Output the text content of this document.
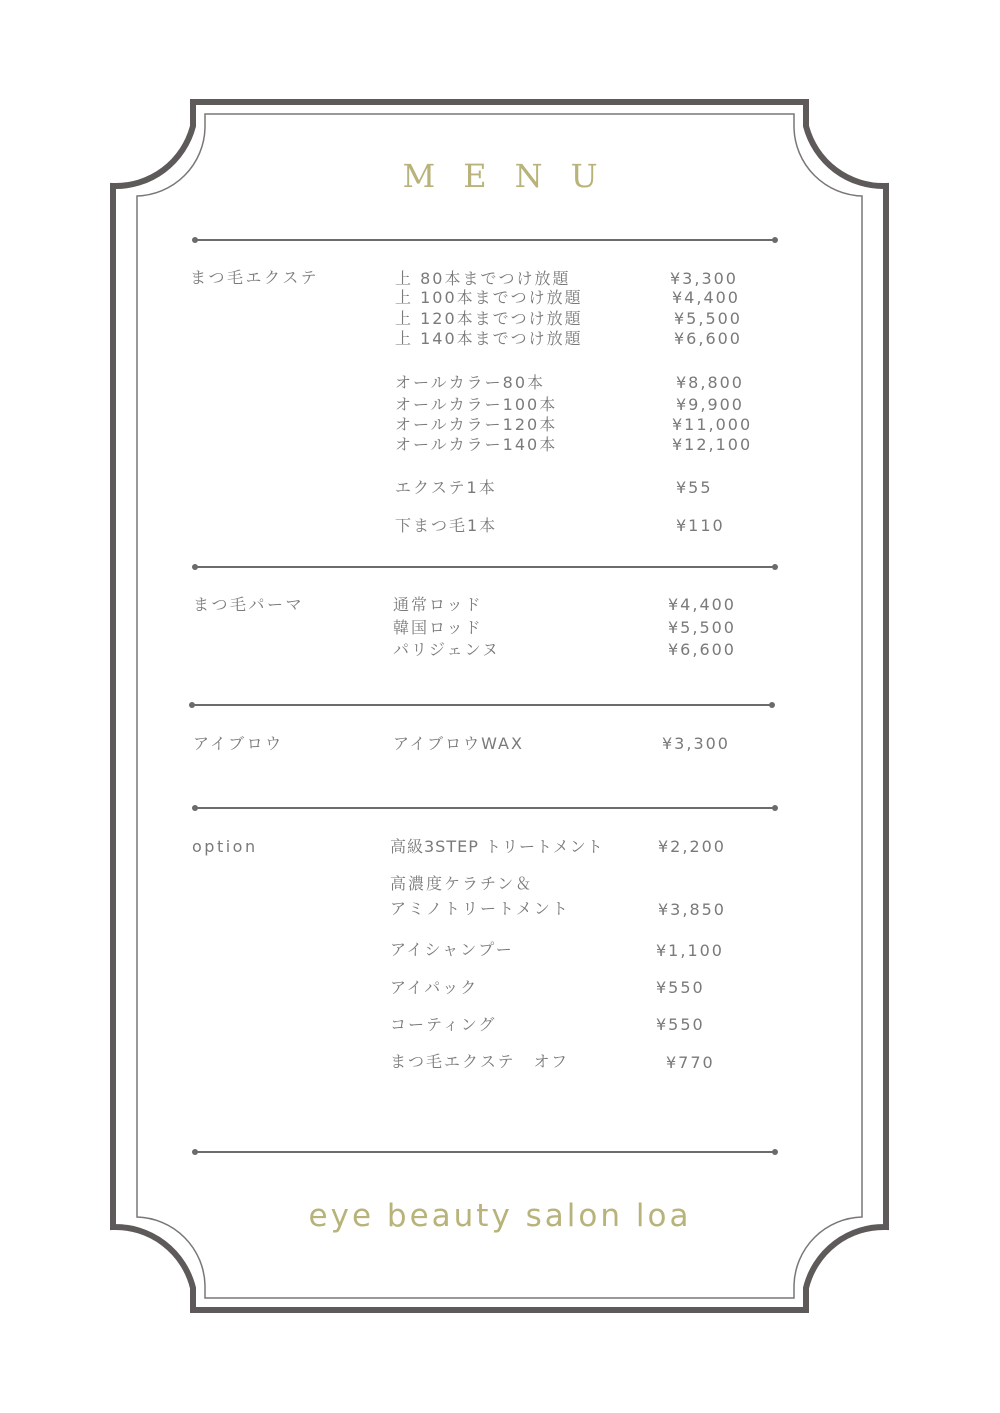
MENU
まつ毛エクステ	上 80本までつけ放題	¥3,300
上 100本までつけ放題	¥4,400
上 120本までつけ放題	¥5,500
上 140本までつけ放題	¥6,600
オールカラー80本	¥8,800
オールカラー100本	¥9,900
オールカラー120本	¥11,000
オールカラー140本	¥12,100
エクステ1本	¥55
下まつ毛1本	¥110
まつ毛パーマ	通常ロッド	¥4,400
韓国ロッド	¥5,500
パリジェンヌ	¥6,600
アイブロウ	アイブロウWAX	¥3,300
option	高級3STEP トリートメント	¥2,200
高濃度ケラチン＆
アミノトリートメント	¥3,850
アイシャンプー	¥1,100
アイパック	¥550
コーティング	¥550
まつ毛エクステ　オフ	¥770
eye beauty salon loa
